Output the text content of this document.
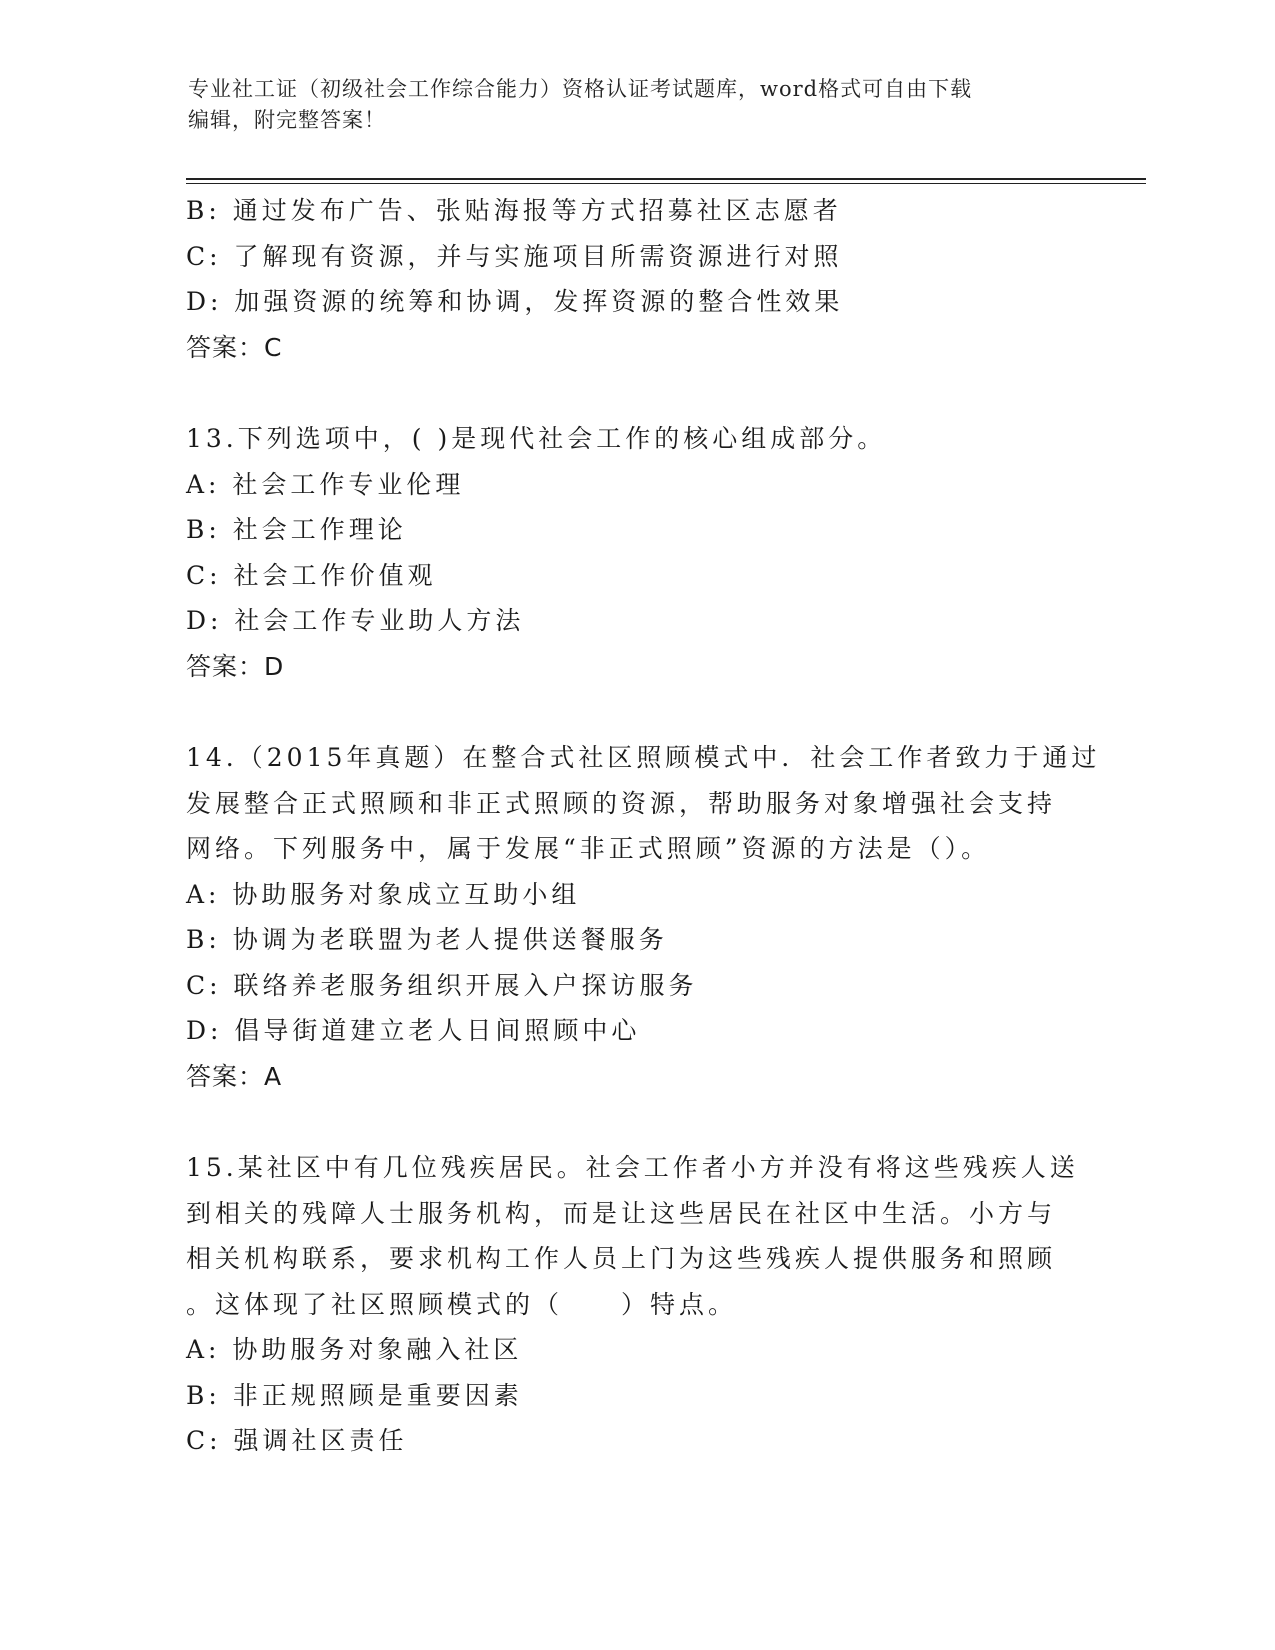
专业社工证（初级社会工作综合能力）资格认证考试题库，word格式可自由下载
编辑，附完整答案！
B: 通过发布广告、张贴海报等方式招募社区志愿者
C: 了解现有资源，并与实施项目所需资源进行对照
D: 加强资源的统筹和协调，发挥资源的整合性效果
答案：C
13.下列选项中，( )是现代社会工作的核心组成部分。
A: 社会工作专业伦理
B: 社会工作理论
C: 社会工作价值观
D: 社会工作专业助人方法
答案：D
14.（2015年真题）在整合式社区照顾模式中．社会工作者致力于通过
发展整合正式照顾和非正式照顾的资源，帮助服务对象增强社会支持
网络。下列服务中，属于发展“非正式照顾”资源的方法是（）。
A: 协助服务对象成立互助小组
B: 协调为老联盟为老人提供送餐服务
C: 联络养老服务组织开展入户探访服务
D: 倡导街道建立老人日间照顾中心
答案：A
15.某社区中有几位残疾居民。社会工作者小方并没有将这些残疾人送
到相关的残障人士服务机构，而是让这些居民在社区中生活。小方与
相关机构联系，要求机构工作人员上门为这些残疾人提供服务和照顾
。这体现了社区照顾模式的（　　）特点。
A: 协助服务对象融入社区
B: 非正规照顾是重要因素
C: 强调社区责任
